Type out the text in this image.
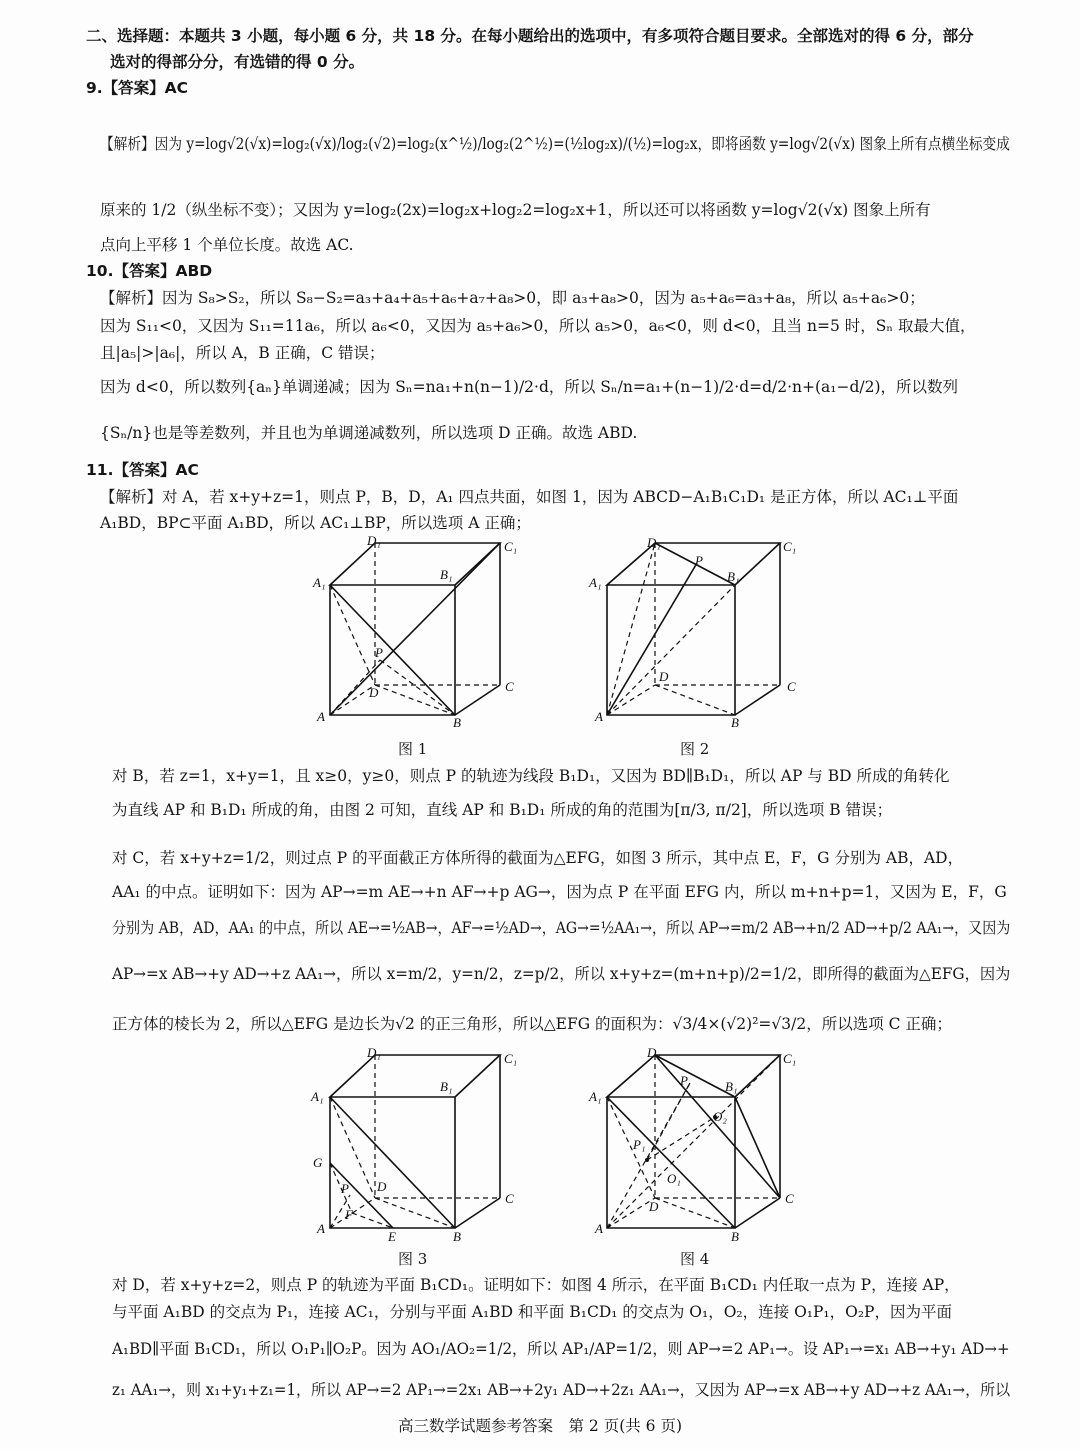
二、选择题：本题共 3 小题，每小题 6 分，共 18 分。在每小题给出的选项中，有多项符合题目要求。全部选对的得 6 分，部分
选对的得部分分，有选错的得 0 分。
9.【答案】AC
【解析】因为 y=log√2(√x)=log₂(√x)/log₂(√2)=log₂(x^½)/log₂(2^½)=(½log₂x)/(½)=log₂x，即将函数 y=log√2(√x) 图象上所有点横坐标变成
原来的 1/2（纵坐标不变）；又因为 y=log₂(2x)=log₂x+log₂2=log₂x+1，所以还可以将函数 y=log√2(√x) 图象上所有
点向上平移 1 个单位长度。故选 AC.
10.【答案】ABD
【解析】因为 S₈>S₂，所以 S₈−S₂=a₃+a₄+a₅+a₆+a₇+a₈>0，即 a₃+a₈>0，因为 a₅+a₆=a₃+a₈，所以 a₅+a₆>0；
因为 S₁₁<0，又因为 S₁₁=11a₆，所以 a₆<0，又因为 a₅+a₆>0，所以 a₅>0，a₆<0，则 d<0，且当 n=5 时，Sₙ 取最大值，
且|a₅|>|a₆|，所以 A，B 正确，C 错误；
因为 d<0，所以数列{aₙ}单调递减；因为 Sₙ=na₁+n(n−1)/2·d，所以 Sₙ/n=a₁+(n−1)/2·d=d/2·n+(a₁−d/2)，所以数列
{Sₙ/n}也是等差数列，并且也为单调递减数列，所以选项 D 正确。故选 ABD.
11.【答案】AC
【解析】对 A，若 x+y+z=1，则点 P，B，D，A₁ 四点共面，如图 1，因为 ABCD−A₁B₁C₁D₁ 是正方体，所以 AC₁⊥平面
A₁BD，BP⊂平面 A₁BD，所以 AC₁⊥BP，所以选项 A 正确；
A₁
D₁	C₁
B₁
P
D	C
A	B
图 1
A₁
D₁	C₁
P
B₁
D
C
A	B
图 2
对 B，若 z=1，x+y=1，且 x≥0，y≥0，则点 P 的轨迹为线段 B₁D₁，又因为 BD∥B₁D₁，所以 AP 与 BD 所成的角转化
为直线 AP 和 B₁D₁ 所成的角，由图 2 可知，直线 AP 和 B₁D₁ 所成的角的范围为[π/3, π/2]，所以选项 B 错误；
对 C，若 x+y+z=1/2，则过点 P 的平面截正方体所得的截面为△EFG，如图 3 所示，其中点 E，F，G 分别为 AB，AD，
AA₁ 的中点。证明如下：因为 AP→=m AE→+n AF→+p AG→，因为点 P 在平面 EFG 内，所以 m+n+p=1，又因为 E，F，G
分别为 AB，AD，AA₁ 的中点，所以 AE→=½AB→，AF→=½AD→，AG→=½AA₁→，所以 AP→=m/2 AB→+n/2 AD→+p/2 AA₁→，又因为
AP→=x AB→+y AD→+z AA₁→，所以 x=m/2，y=n/2，z=p/2，所以 x+y+z=(m+n+p)/2=1/2，即所得的截面为△EFG，因为
正方体的棱长为 2，所以△EFG 是边长为√2 的正三角形，所以△EFG 的面积为：√3/4×(√2)²=√3/2，所以选项 C 正确；
A₁
D₁	C₁
B₁
G
P
F
D
C
A
E	B
图 3
A₁
D₁	C₁
P	B₁
O₂
P₁
O₁
D
C
A
B
图 4
对 D，若 x+y+z=2，则点 P 的轨迹为平面 B₁CD₁。证明如下：如图 4 所示，在平面 B₁CD₁ 内任取一点为 P，连接 AP，
与平面 A₁BD 的交点为 P₁，连接 AC₁，分别与平面 A₁BD 和平面 B₁CD₁ 的交点为 O₁，O₂，连接 O₁P₁，O₂P，因为平面
A₁BD∥平面 B₁CD₁，所以 O₁P₁∥O₂P。因为 AO₁/AO₂=1/2，所以 AP₁/AP=1/2，则 AP→=2 AP₁→。设 AP₁→=x₁ AB→+y₁ AD→+
z₁ AA₁→，则 x₁+y₁+z₁=1，所以 AP→=2 AP₁→=2x₁ AB→+2y₁ AD→+2z₁ AA₁→，又因为 AP→=x AB→+y AD→+z AA₁→，所以
高三数学试题参考答案　第 2 页(共 6 页)
